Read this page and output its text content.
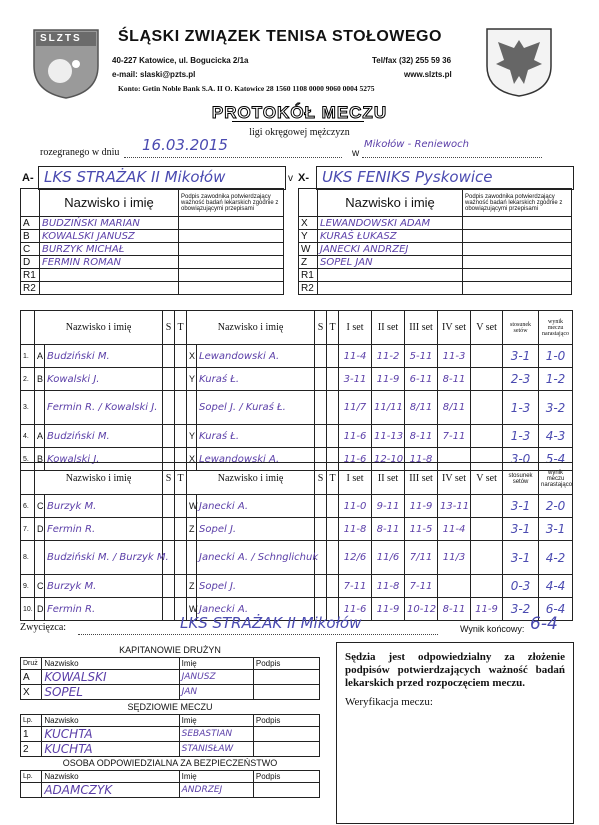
SLZTS ŚLĄSKI ZWIĄZEK TENISA STOŁOWEGO
40-227 Katowice, ul. Bogucicka 2/1a	Tel/fax (32) 255 59 36
e-mail: slaski@pzts.pl	www.slzts.pl
Konto: Getin Noble Bank S.A. II O. Katowice 28 1560 1108 0000 9060 0004 5275
PROTOKÓŁ MECZU
ligi okręgowej mężczyzn
rozegranego w dniu 16.03.2015	w
Mikołów - Reniewoch
A- LKS STRAŻAK II Mikołów	v X- UKS FENIKS Pyskowice
	Nazwisko i imię	Podpis zawodnika potwierdzający ważność badań lekarskich zgodnie z obowiązującymi przepisami
A	BUDZIŃSKI MARIAN	
B	KOWALSKI JANUSZ	
C	BURZYK MICHAŁ	
D	FERMIN ROMAN	
R1		
R2		
	Nazwisko i imię	Podpis zawodnika potwierdzający ważność badań lekarskich zgodnie z obowiązującymi przepisami
X	LEWANDOWSKI ADAM	
Y	KURAŚ ŁUKASZ	
W	JANECKI ANDRZEJ	
Z	SOPEL JAN	
R1		
R2		
	Nazwisko i imię		S	T	Nazwisko i imię		S	T	I set	II set	III set	IV set	V set	stosunek setów	wynik meczu narastająco
1.	A	Budziński M.			X	Lewandowski A.			11-4	11-2	5-11	11-3		3-1	1-0
2.	B	Kowalski J.			Y	Kuraś Ł.			3-11	11-9	6-11	8-11		2-3	1-2
3.		Fermin R. / Kowalski J.				Sopel J. / Kuraś Ł.			11/7	11/11	8/11	8/11		1-3	3-2
4.	A	Budziński M.			Y	Kuraś Ł.			11-6	11-13	8-11	7-11		1-3	4-3
5.	B	Kowalski J.			X	Lewandowski A.			11-6	12-10	11-8			3-0	5-4
	Nazwisko i imię		S	T	Nazwisko i imię		S	T	I set	II set	III set	IV set	V set	stosunek setów	wynik meczu narastająco
6.	C	Burzyk M.			W	Janecki A.			11-0	9-11	11-9	13-11		3-1	2-0
7.	D	Fermin R.			Z	Sopel J.			11-8	8-11	11-5	11-4		3-1	3-1
8.		Budziński M. / Burzyk M.				Janecki A. / Schnglichuk			12/6	11/6	7/11	11/3		3-1	4-2
9.	C	Burzyk M.			Z	Sopel J.			7-11	11-8	7-11			0-3	4-4
10.	D	Fermin R.			W	Janecki A.			11-6	11-9	10-12	8-11	11-9	3-2	6-4
Zwycięzca:	LKS STRAŻAK II Mikołów	Wynik końcowy: 6-4
KAPITANOWIE DRUŻYN
Druż	Nazwisko	Imię	Podpis
A	KOWALSKI	JANUSZ	
X	SOPEL	JAN	
SĘDZIOWIE MECZU
Lp.	Nazwisko	Imię	Podpis
1	KUCHTA	SEBASTIAN	
2	KUCHTA	STANISŁAW	
OSOBA ODPOWIEDZIALNA ZA BEZPIECZEŃSTWO
Lp.	Nazwisko	Imię	Podpis
	ADAMCZYK	ANDRZEJ	
Sędzia jest odpowiedzialny za złożenie podpisów potwierdzających ważność badań lekarskich przed rozpoczęciem meczu.
Weryfikacja meczu:
